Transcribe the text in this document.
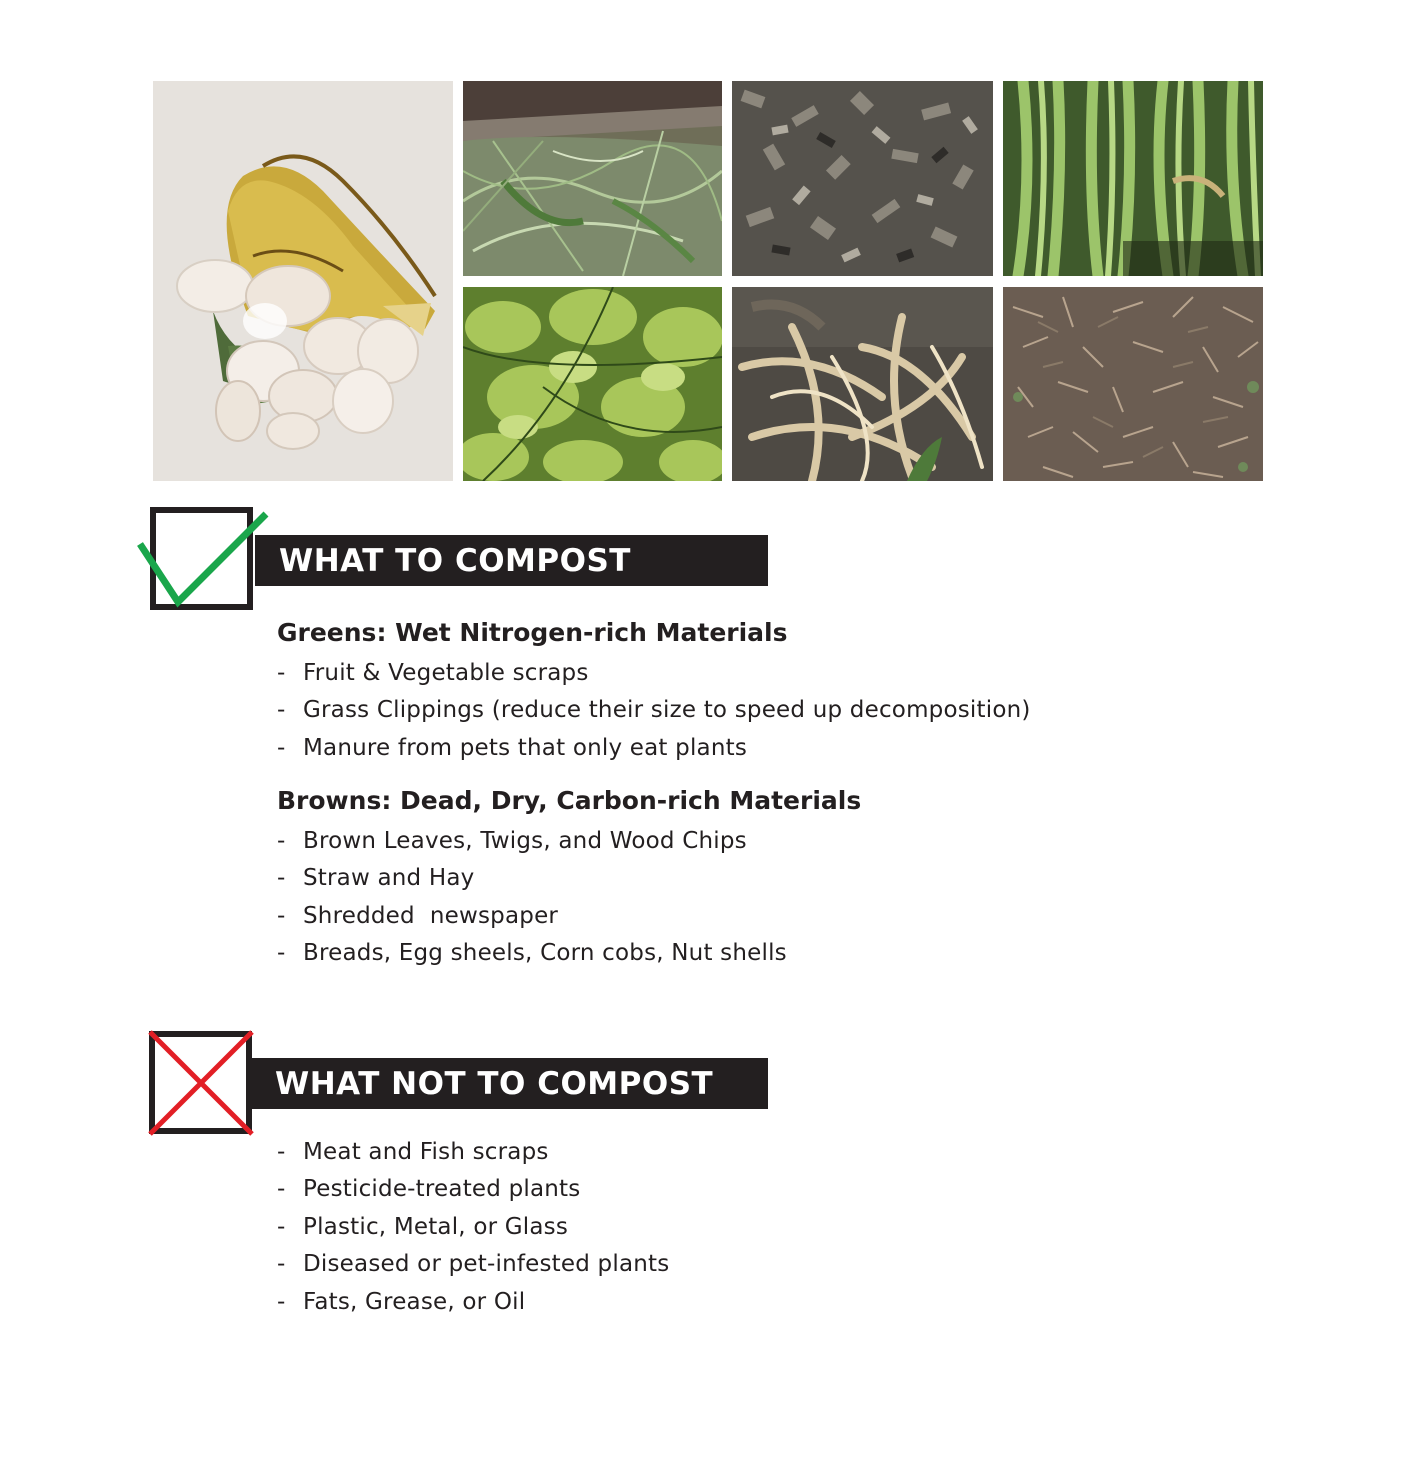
WHAT TO COMPOST
Greens: Wet Nitrogen-rich Materials
- Fruit & Vegetable scraps
- Grass Clippings (reduce their size to speed up decomposition)
- Manure from pets that only eat plants
Browns: Dead, Dry, Carbon-rich Materials
- Brown Leaves, Twigs, and Wood Chips
- Straw and Hay
- Shredded  newspaper
- Breads, Egg sheels, Corn cobs, Nut shells
WHAT NOT TO COMPOST
- Meat and Fish scraps
- Pesticide-treated plants
- Plastic, Metal, or Glass
- Diseased or pet-infested plants
- Fats, Grease, or Oil
